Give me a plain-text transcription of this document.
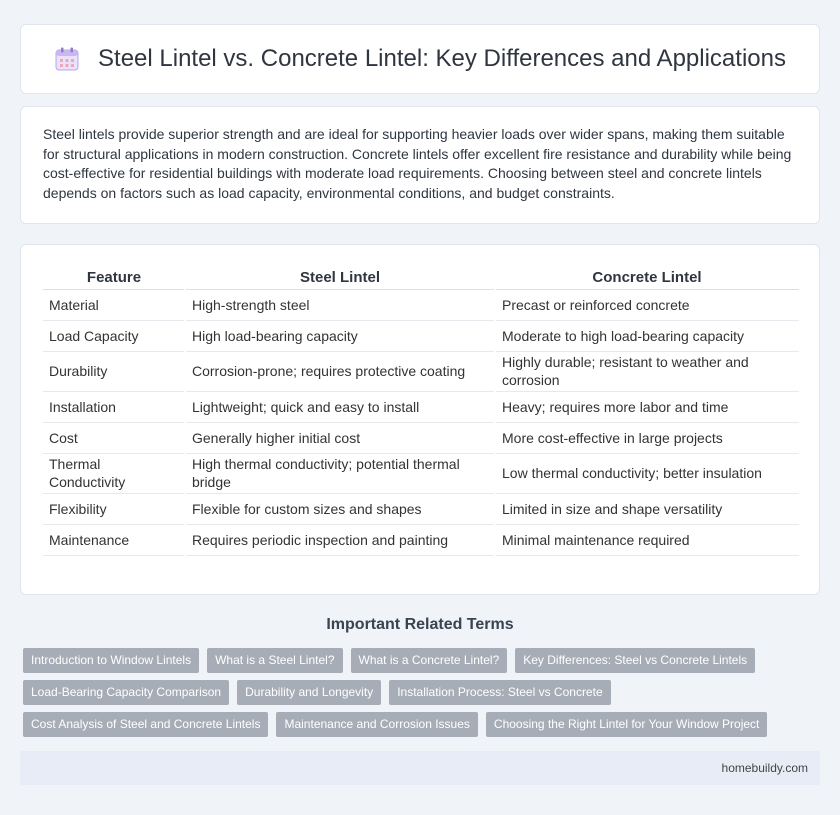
Steel Lintel vs. Concrete Lintel: Key Differences and Applications

Steel lintels provide superior strength and are ideal for supporting heavier loads over wider spans, making them suitable for structural applications in modern construction. Concrete lintels offer excellent fire resistance and durability while being cost-effective for residential buildings with moderate load requirements. Choosing between steel and concrete lintels depends on factors such as load capacity, environmental conditions, and budget constraints.

Feature	Steel Lintel	Concrete Lintel
Material	High-strength steel	Precast or reinforced concrete
Load Capacity	High load-bearing capacity	Moderate to high load-bearing capacity
Durability	Corrosion-prone; requires protective coating	Highly durable; resistant to weather and corrosion
Installation	Lightweight; quick and easy to install	Heavy; requires more labor and time
Cost	Generally higher initial cost	More cost-effective in large projects
Thermal Conductivity	High thermal conductivity; potential thermal bridge	Low thermal conductivity; better insulation
Flexibility	Flexible for custom sizes and shapes	Limited in size and shape versatility
Maintenance	Requires periodic inspection and painting	Minimal maintenance required
Important Related Terms
Introduction to Window Lintels	What is a Steel Lintel?	What is a Concrete Lintel?	Key Differences: Steel vs Concrete Lintels
Load-Bearing Capacity Comparison	Durability and Longevity	Installation Process: Steel vs Concrete
Cost Analysis of Steel and Concrete Lintels	Maintenance and Corrosion Issues	Choosing the Right Lintel for Your Window Project
homebuildy.com
